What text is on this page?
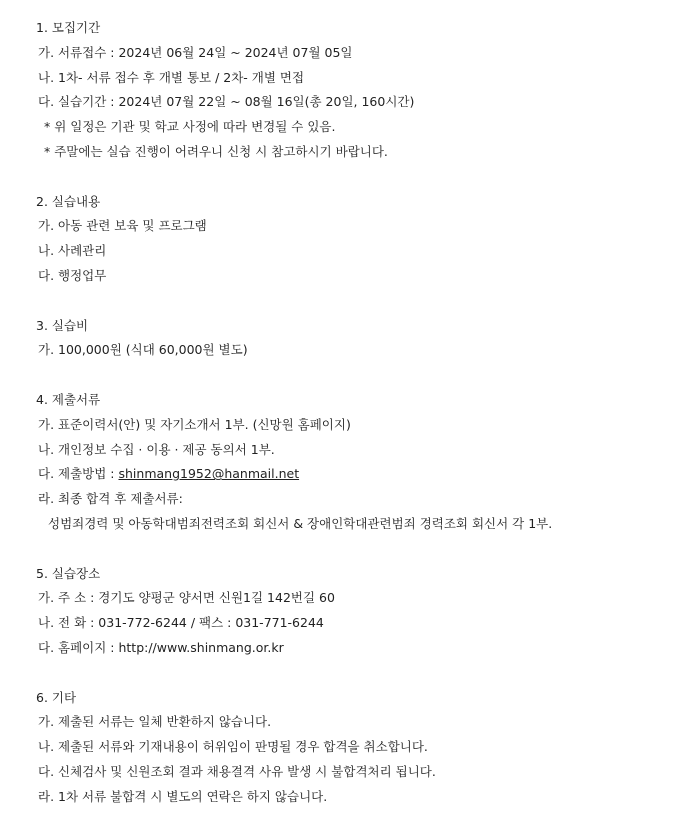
1. 모집기간
가. 서류접수 : 2024년 06월 24일 ~ 2024년 07월 05일
나. 1차- 서류 접수 후 개별 통보 / 2차- 개별 면접
다. 실습기간 : 2024년 07월 22일 ~ 08월 16일(총 20일, 160시간)
* 위 일정은 기관 및 학교 사정에 따라 변경될 수 있음.
* 주말에는 실습 진행이 어려우니 신청 시 참고하시기 바랍니다.
2. 실습내용
가. 아동 관련 보육 및 프로그램
나. 사례관리
다. 행정업무
3. 실습비
가. 100,000원 (식대 60,000원 별도)
4. 제출서류
가. 표준이력서(안) 및 자기소개서 1부. (신망원 홈페이지)
나. 개인정보 수집 · 이용 · 제공 동의서 1부.
다. 제출방법 : shinmang1952@hanmail.net
라. 최종 합격 후 제출서류:
성범죄경력 및 아동학대범죄전력조회 회신서 & 장애인학대관련범죄 경력조회 회신서 각 1부.
5. 실습장소
가. 주 소 : 경기도 양평군 양서면 신원1길 142번길 60
나. 전 화 : 031-772-6244 / 팩스 : 031-771-6244
다. 홈페이지 : http://www.shinmang.or.kr
6. 기타
가. 제출된 서류는 일체 반환하지 않습니다.
나. 제출된 서류와 기재내용이 허위임이 판명될 경우 합격을 취소합니다.
다. 신체검사 및 신원조회 결과 채용결격 사유 발생 시 불합격처리 됩니다.
라. 1차 서류 불합격 시 별도의 연락은 하지 않습니다.
